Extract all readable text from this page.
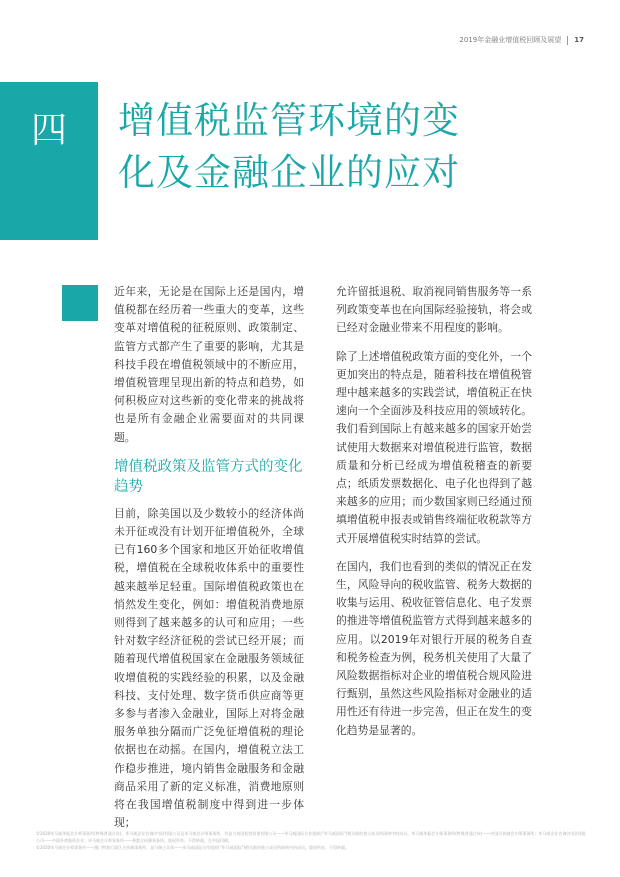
2019年金融业增值税回顾及展望 17
四 增值税监管环境的变
化及金融企业的应对

近年来，无论是在国际上还是国内，增值税都在经历着一些重大的变革，这些变革对增值税的征税原则、政策制定、监管方式都产生了重要的影响，尤其是科技手段在增值税领域中的不断应用，增值税管理呈现出新的特点和趋势，如何积极应对这些新的变化带来的挑战将也是所有金融企业需要面对的共同课题。

增值税政策及监管方式的变化趋势

目前，除美国以及少数较小的经济体尚未开征或没有计划开征增值税外，全球已有160多个国家和地区开始征收增值税，增值税在全球税收体系中的重要性越来越举足轻重。国际增值税政策也在悄然发生变化，例如：增值税消费地原则得到了越来越多的认可和应用；一些针对数字经济征税的尝试已经开展；而随着现代增值税国家在金融服务领域征收增值税的实践经验的积累，以及金融科技、支付处理、数字货币供应商等更多参与者渗入金融业，国际上对将金融服务单独分隔而广泛免征增值税的理论依据也在动摇。在国内，增值税立法工作稳步推进，境内销售金融服务和金融商品采用了新的定义标准，消费地原则将在我国增值税制度中得到进一步体现；

允许留抵退税、取消视同销售服务等一系列政策变革也在向国际经验接轨，将会或已经对金融业带来不用程度的影响。

除了上述增值税政策方面的变化外，一个更加突出的特点是，随着科技在增值税管理中越来越多的实践尝试，增值税正在快速向一个全面涉及科技应用的领域转化。我们看到国际上有越来越多的国家开始尝试使用大数据来对增值税进行监管，数据质量和分析已经成为增值税稽查的新要点；纸质发票数据化、电子化也得到了越来越多的应用；而少数国家则已经通过预填增值税申报表或销售终端征收税款等方式开展增值税实时结算的尝试。

在国内，我们也看到的类似的情况正在发生，风险导向的税收监管、税务大数据的收集与运用、税收征管信息化、电子发票的推进等增值税监管方式得到越来越多的应用。以2019年对银行开展的税务自查和税务检查为例，税务机关使用了大量了风险数据指标对企业的增值税合规风险进行甄别，虽然这些风险指标对金融业的适用性还有待进一步完善，但正在发生的变化趋势是显著的。

©2020毕马威华振会计师事务所(特殊普通合伙)、毕马威企业咨询(中国)有限公司及毕马威会计师事务所，均是与英国私营担保有限公司——毕马威国际合作组织("毕马威国际")相关联的独立成员所网络中的成员。毕马威华振会计师事务所(特殊普通合伙)——中国合伙制会计师事务所；毕马威企业咨询(中国)有限公司——中国外商独资企业；毕马威会计师事务所——香港合伙制事务所。版权所有，不得转载。在中国印刷。
©2020毕马威会计师事务所——澳门特别行政区合伙制事务所，是与瑞士实体——毕马威国际合作组织("毕马威国际")相关联的独立成员所网络中的成员。版权所有，不得转载。
